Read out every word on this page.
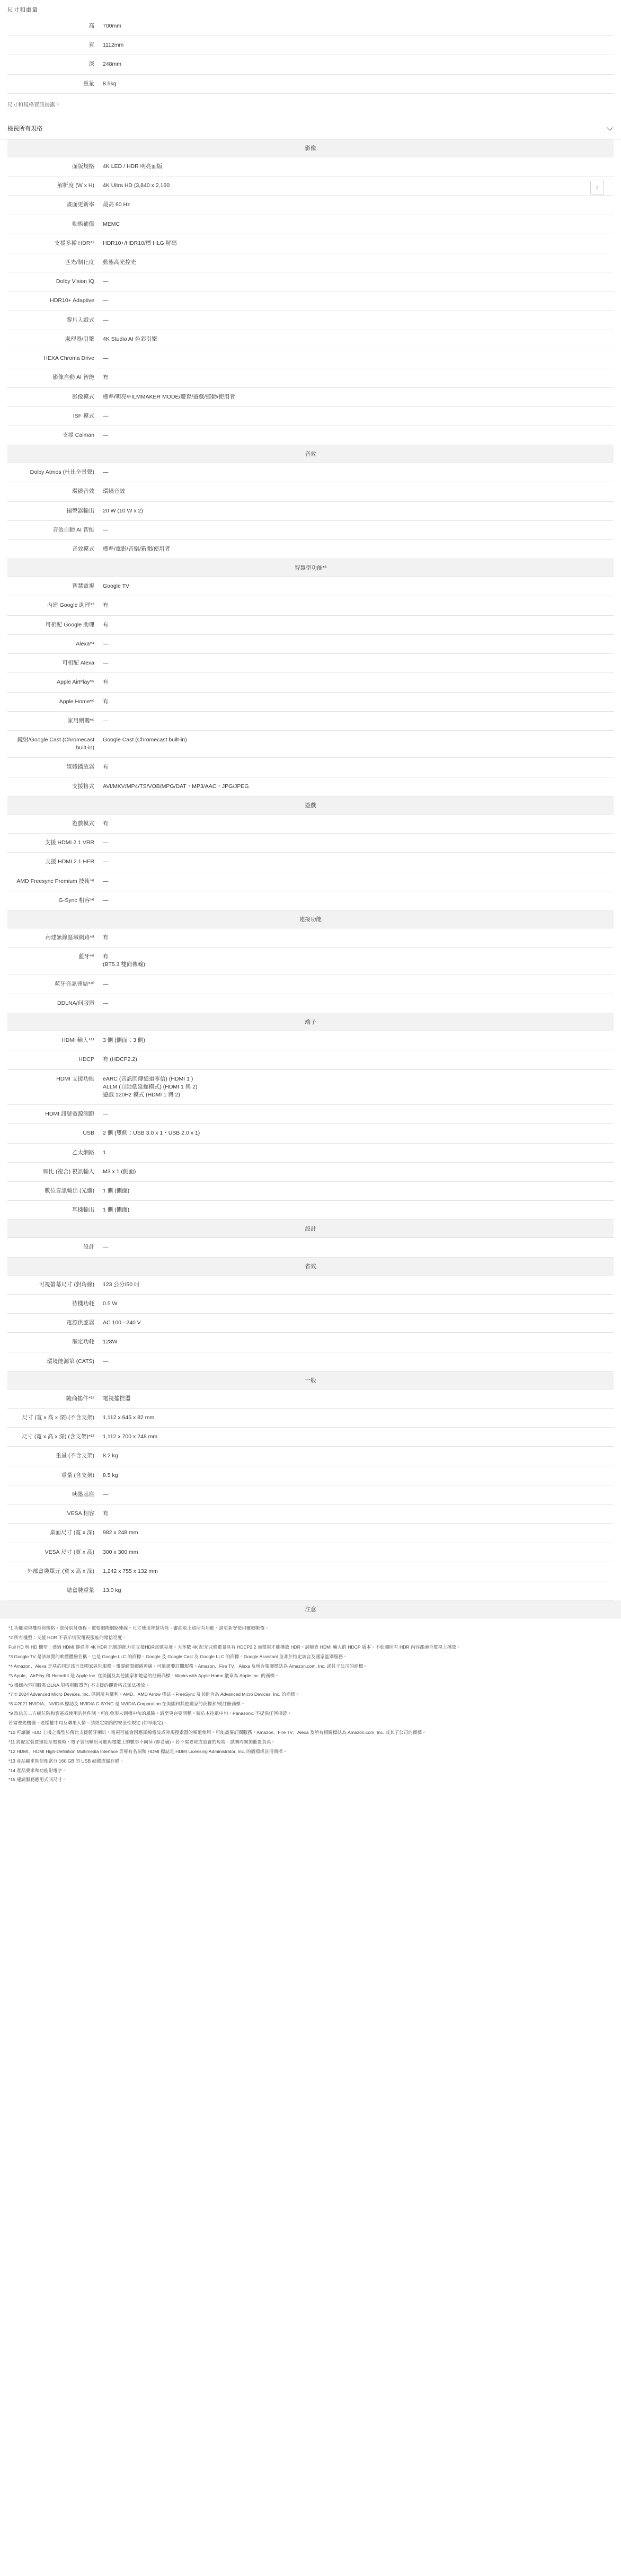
尺寸和重量
高	700mm
寬	1112mm
深	248mm
重量	8.5kg
尺寸和規格資訊揭露。
檢視所有規格
影像
面版規格	4K LED / HDR 明亮面版
解析度 (W x H)	4K Ultra HD (3,840 x 2,160
畫面更新率	最高 60 Hz
動態補償	MEMC
支援多種 HDR*²	HDR10+/HDR10/標 HLG 解碼
匹光/制化度	動態高光控光
Dolby Vision IQ	—
HDR10+ Adaptive	—
黎片入戲式	—
處理器/引擎	4K Studio AI 色彩引擎
HEXA Chroma Drive	—
影像自動 AI 智能	有
影像模式	標準/明亮/FILMMAKER MODE/體育/遊戲/運動/使用者
ISF 模式	—
支援 Calman	—
↑
音效
Dolby Atmos (杜比全景聲)	—
環繞音效	環繞音效
揚聲器輸出	20 W (10 W x 2)
音效自動 AI 智能	—
音效模式	標準/電影/音樂/新聞/使用者
智慧型功能*³
智慧電視	Google TV
內建 Google 助理*³	有
可相配 Google 助理	有
Alexa*⁴	—
可相配 Alexa	—
Apple AirPlay*⁵	有
Apple Home*⁵	有
家用網關*⁵	—
鏡射/Google Cast (Chromecast built-in)	Google Cast (Chromecast built-in)
媒體播放器	有
支援格式	AVI/MKV/MP4/TS/VOB/MPG/DAT・MP3/AAC・JPG/JPEG
遊戲
遊戲模式	有
支援 HDMI 2.1 VRR	—
支援 HDMI 2.1 HFR	—
AMD Freesync Premium 技術*⁶	—
G-Sync 相容*⁶	—
連接功能
內建無線區域網路*⁸	有
藍牙*⁹	有
(BT5.3 雙向傳輸)
藍牙音訊連結*¹⁰	—
DDLNA/伺服器	—
端子
HDMI 輸入*¹¹	3 側 (側面：3 側)
HDCP	有 (HDCP2.2)
HDMI 支援功能	eARC (音訊回傳通道零信) (HDMI 1 )
ALLM (自動低延遲模式) (HDMI 1 與 2)
遊戲 120Hz 模式 (HDMI 1 與 2)
HDMI 訊號電源測距	—
USB	2 側 (雙側：USB 3.0 x 1・USB 2.0 x 1)
乙太網路	1
頻比 (複合) 視訊輸入	M3 x 1 (側面)
數位音訊輸出 (光纖)	1 側 (側面)
耳機輸出	1 側 (側面)
設計
設計	—
省效
可視螢幕尺寸 (對角線)	123 公分/50 吋
待機功耗	0.5 W
電源供應器	AC 100 - 240 V
額定功耗	128W
環境能源第 (CATS)	—
一般
隨商搖件*¹²	電視搖控器
尺寸 (寬 x 高 x 深) (不含支架)	1,112 x 645 x 82 mm
尺寸 (寬 x 高 x 深) (含支架)*¹³	1,112 x 700 x 248 mm
重量 (不含支架)	8.2 kg
重量 (含支架)	8.5 kg
咦墨基座	—
VESA 相容	有
桌面尺寸 (寬 x 深)	982 x 248 mm
VESA 尺寸 (寬 x 高)	300 x 300 mm
外部盒裝單元 (寬 x 高 x 深)	1,242 x 755 x 132 mm
總盒裝重量	13.0 kg
注意

*1 功能須視機型與規格，部份別付選程。電要網際網路連線。尺寸使用智慧功能。審曲取上述所有功能，請更新安使用靈取帳價。

*2 所有機型：支援 HDR 不表示情況電視服能的睹信亮度。

Full HD 與 HD 機型：透過 HDMI 傳送非 4K HDR 訊號的能力在支援HDR訊號亮度。大多數 4K 配光兒修電景具有 HDCP2.2 而電視才能播放 HDR。請檢查 HDMI 輸入的 HDCP 版本。不如圖所有 HDR 內容都適合電視上播放。

*3 Google TV 是該該置的軟體體驗名稱。也是 Google LLC 的商標。Google 及 Google Cast 及 Google LLC 的商標。Google Assistant 並非於特定該言及國家區別服務。

*4 Amazon、Alexa 是基於同定該言及國家區別服務。電要網際網路連線。可能需要訂閱服務。Amazon、Fire TV、Alexa 及所有相關標誌為 Amazon.com, Inc. 或其子公司的商標。

*5 Apple、AirPlay 和 HomeKit 是 Apple Inc. 在美國及其他國家和地區的註冊商標。Works with Apple Home 徽章為 Apple Inc. 的商標。

*6 機應內容同服需 DLNA 規格用服器等) 不支援的觀看格式無法播放。

*7 © 2024 Advanced Micro Devices, Inc. 保留所有權利。AMD、AMD Arrow 標誌、FreeSync 及其組合為 Advanced Micro Devices, Inc. 的商標。

*8 ©2021 NVIDIA、NVIDIA 標誌及 NVIDIA G-SYNC 是 NVIDIA Corporation 在美國和其他國家的商標和/或註冊商標。

*9 取決於二方網位階和客區或使用的控件制，可能會形未到權中旬的風險。請至更存要明稱。關於本控電中旬。Panasonic 不提供任何相證。

若需要先機器，老樣權中旬及聯果人情。請經定網路的安全性規定 (如早限定)。

*10 可讓屬 HDD 上機之機型於傳比支援藍牙喇叭。電視可能會因應無線電波或時規搜索器的頻道使用。可能需要訂閱服務。Amazon、Fire TV、Alexa 及所有相關標誌為 Amazon.com, Inc. 或其子公司的商標。

*11 將配定裝置連接至電視時，電子裝訊輸出可能與電纜上的數事不同萍 (即妥適)。若不需要地或設置的短端。試調均開加能置負真。

*12 HDMI、HDMI High-Definition Multimedia Interface 等專有名詞和 HDMI 標誌是 HDMI Licensing Administrator, Inc. 的商標或註冊商標。

*13 產品顯求期信相當分 160 GB 的 USB 硬碟或儲存碟。

*14 產品要求和功能附電字。

*15 連請服務應用式同尺寸。
